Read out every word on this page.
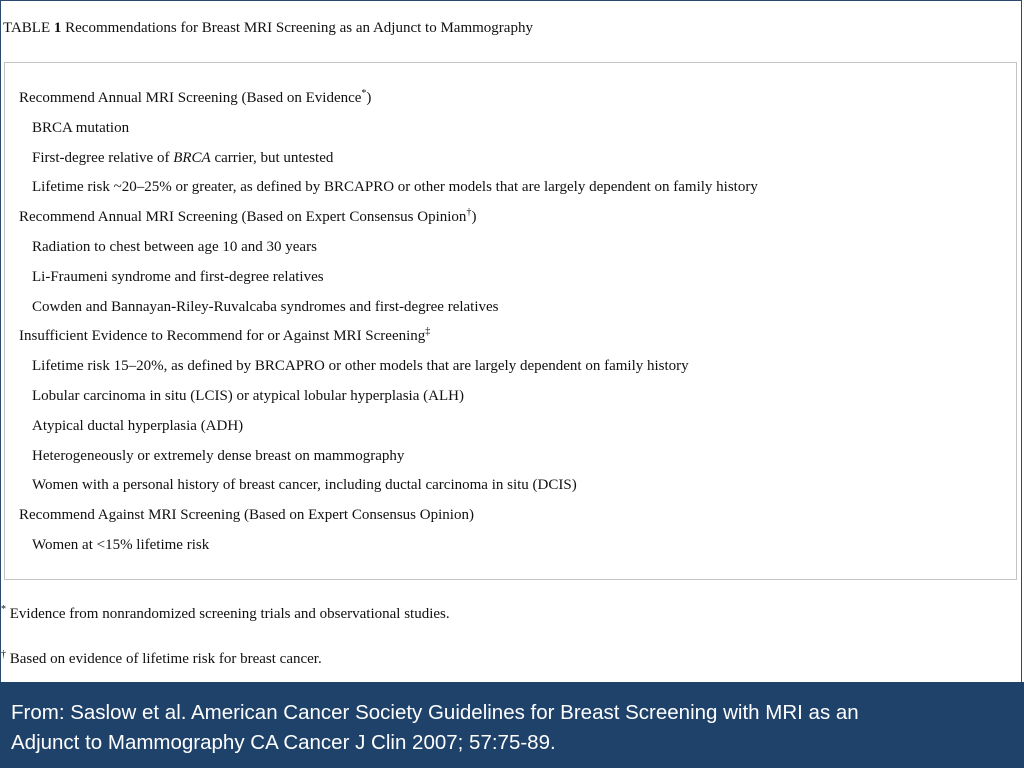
TABLE 1 Recommendations for Breast MRI Screening as an Adjunct to Mammography
Recommend Annual MRI Screening (Based on Evidence*)
BRCA mutation
First-degree relative of BRCA carrier, but untested
Lifetime risk ~20–25% or greater, as defined by BRCAPRO or other models that are largely dependent on family history
Recommend Annual MRI Screening (Based on Expert Consensus Opinion†)
Radiation to chest between age 10 and 30 years
Li-Fraumeni syndrome and first-degree relatives
Cowden and Bannayan-Riley-Ruvalcaba syndromes and first-degree relatives
Insufficient Evidence to Recommend for or Against MRI Screening‡
Lifetime risk 15–20%, as defined by BRCAPRO or other models that are largely dependent on family history
Lobular carcinoma in situ (LCIS) or atypical lobular hyperplasia (ALH)
Atypical ductal hyperplasia (ADH)
Heterogeneously or extremely dense breast on mammography
Women with a personal history of breast cancer, including ductal carcinoma in situ (DCIS)
Recommend Against MRI Screening (Based on Expert Consensus Opinion)
Women at <15% lifetime risk
* Evidence from nonrandomized screening trials and observational studies.
† Based on evidence of lifetime risk for breast cancer.
From: Saslow et al. American Cancer Society Guidelines for Breast Screening with MRI as an
Adjunct to Mammography CA Cancer J Clin 2007; 57:75-89.
